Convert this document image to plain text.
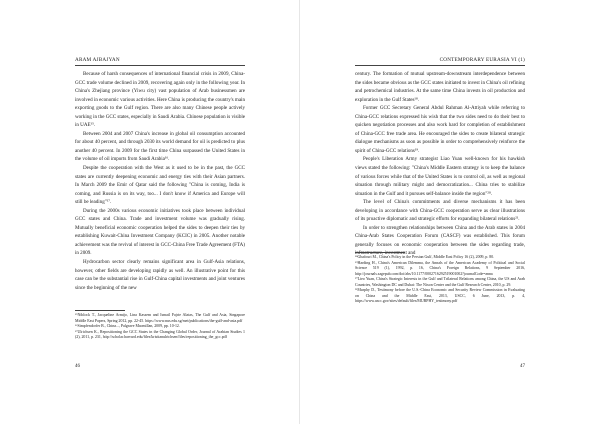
ARAM AJBAJYAN

Because of harsh consequences of international financial crisis in 2009, China-GCC trade volume declined in 2009, recovering again only in the following year. In China's Zhejiang province (Yiwu city) vast population of Arab businessmen are involved in economic various activities. Here China is producing the country's main exporting goods to the Gulf region. There are also many Chinese people actively working in the GCC states, especially in Saudi Arabia. Chinese population is visible in UAE¹⁵.

Between 2004 and 2007 China's increase in global oil consumption accounted for about 40 percent, and through 2030 its world demand for oil is predicted to plus another 40 percent. In 2009 for the first time China surpassed the United States in the volume of oil imports from Saudi Arabia¹⁶.

Despite the cooperation with the West as it used to be in the past, the GCC states are currently deepening economic and energy ties with their Asian partners. In March 2009 the Emir of Qatar said the following "China is coming, India is coming, and Russia is on its way, too... I don't know if America and Europe will still be leading"¹⁷.

During the 2000s various economic initiatives took place between individual GCC states and China. Trade and investment volume was gradually rising. Mutually beneficial economic cooperation helped the sides to deepen their ties by establishing Kuwait-China Investment Company (KCIC) in 2005. Another notable achievement was the revival of interest in GCC-China Free Trade Agreement (FTA) in 2009.

Hydrocarbon sector clearly remains significant area in Gulf-Asia relations, however, other fields are developing rapidly as well. An illustrative point for this case can be the substantial rise in Gulf-China capital investments and joint ventures since the beginning of the new

¹⁵Niblock T., Jacqueline Armijo, Lina Kassem and Ismail Fajrie Alatas, The Gulf and Asia, Singapore Middle East Papers, Spring 2012, pp. 22-45. https://www.nus.edu.sg/mei/publications/the-gulf-and-asia.pdf

¹⁶Simpfendorfer B., China..., Palgrave Macmillan, 2009, pp. 10-12.

¹⁷Ulrichsen K., Repositioning the GCC States in the Changing Global Order, Journal of Arabian Studies 1 (2), 2011, p. 231, http://scholar.harvard.edu/files/kristianulrichsen/files/repositioning_the_gcc.pdf

46
CONTEMPORARY EURASIA VI (1)

century. The formation of mutual upstream-downstream interdependence between the sides became obvious as the GCC states initiated to invest in China's oil refining and petrochemical industries. At the same time China invests in oil production and exploration in the Gulf States¹⁸.

Former GCC Secretary General Abdul Rahman Al-Attiyah while referring to China-GCC relations expressed his wish that the two sides need to do their best to quicken negotiation processes and also work hard for completion of establishment of China-GCC free trade area. He encouraged the sides to create bilateral strategic dialogue mechanisms as soon as possible in order to comprehensively reinforce the spirit of China-GCC relations¹⁹.

People's Liberation Army strategist Liao Yuan well-known for his hawkish views stated the following: "China's Middle Eastern strategy is to keep the balance of various forces while that of the United States is to control oil, as well as regional situation through military might and democratization... China tries to stabilize situation in the Gulf and it pursues self-balance inside the region"²⁰.

The level of China's commitments and diverse mechanisms it has been developing in accordance with China-GCC cooperation serve as clear illustrations of its proactive diplomatic and strategic efforts for expanding bilateral relations²¹.

In order to strengthen relationships between China and the Arab states in 2004 China-Arab States Cooperation Forum (CASCF) was established. This forum generally focuses on economic cooperation between the sides regarding trade, infrastructure, investment and

¹⁸Ghafouri M., China's Policy in the Persian Gulf, Middle East Policy 16 (2), 2009, p. 80.

¹⁹Harding H., China's American Dilemma, the Annals of the American Academy of Political and Social Science 519 (1), 1992, p. 16, China's Foreign Relations, 9 September 2016, http://journals.sagepub.com/doi/abs/10.1177/0002716292519001002?journalCode=anna

²⁰Lieo Yuan, China's Strategic Interests in the Gulf and Trilateral Relations among China, the US and Arab Countries, Washington DC and Dubai: The Nixon Center and the Gulf Research Center, 2010, p. 29.

²¹Murphy D., Testimony before the U.S.-China Economic and Security Review Commission in Evaluating on China and the Middle East, 2013, USCC, 6 June, 2013, p. 4, https://www.uscc.gov/sites/default/files/MURPHY_testimony.pdf

47
